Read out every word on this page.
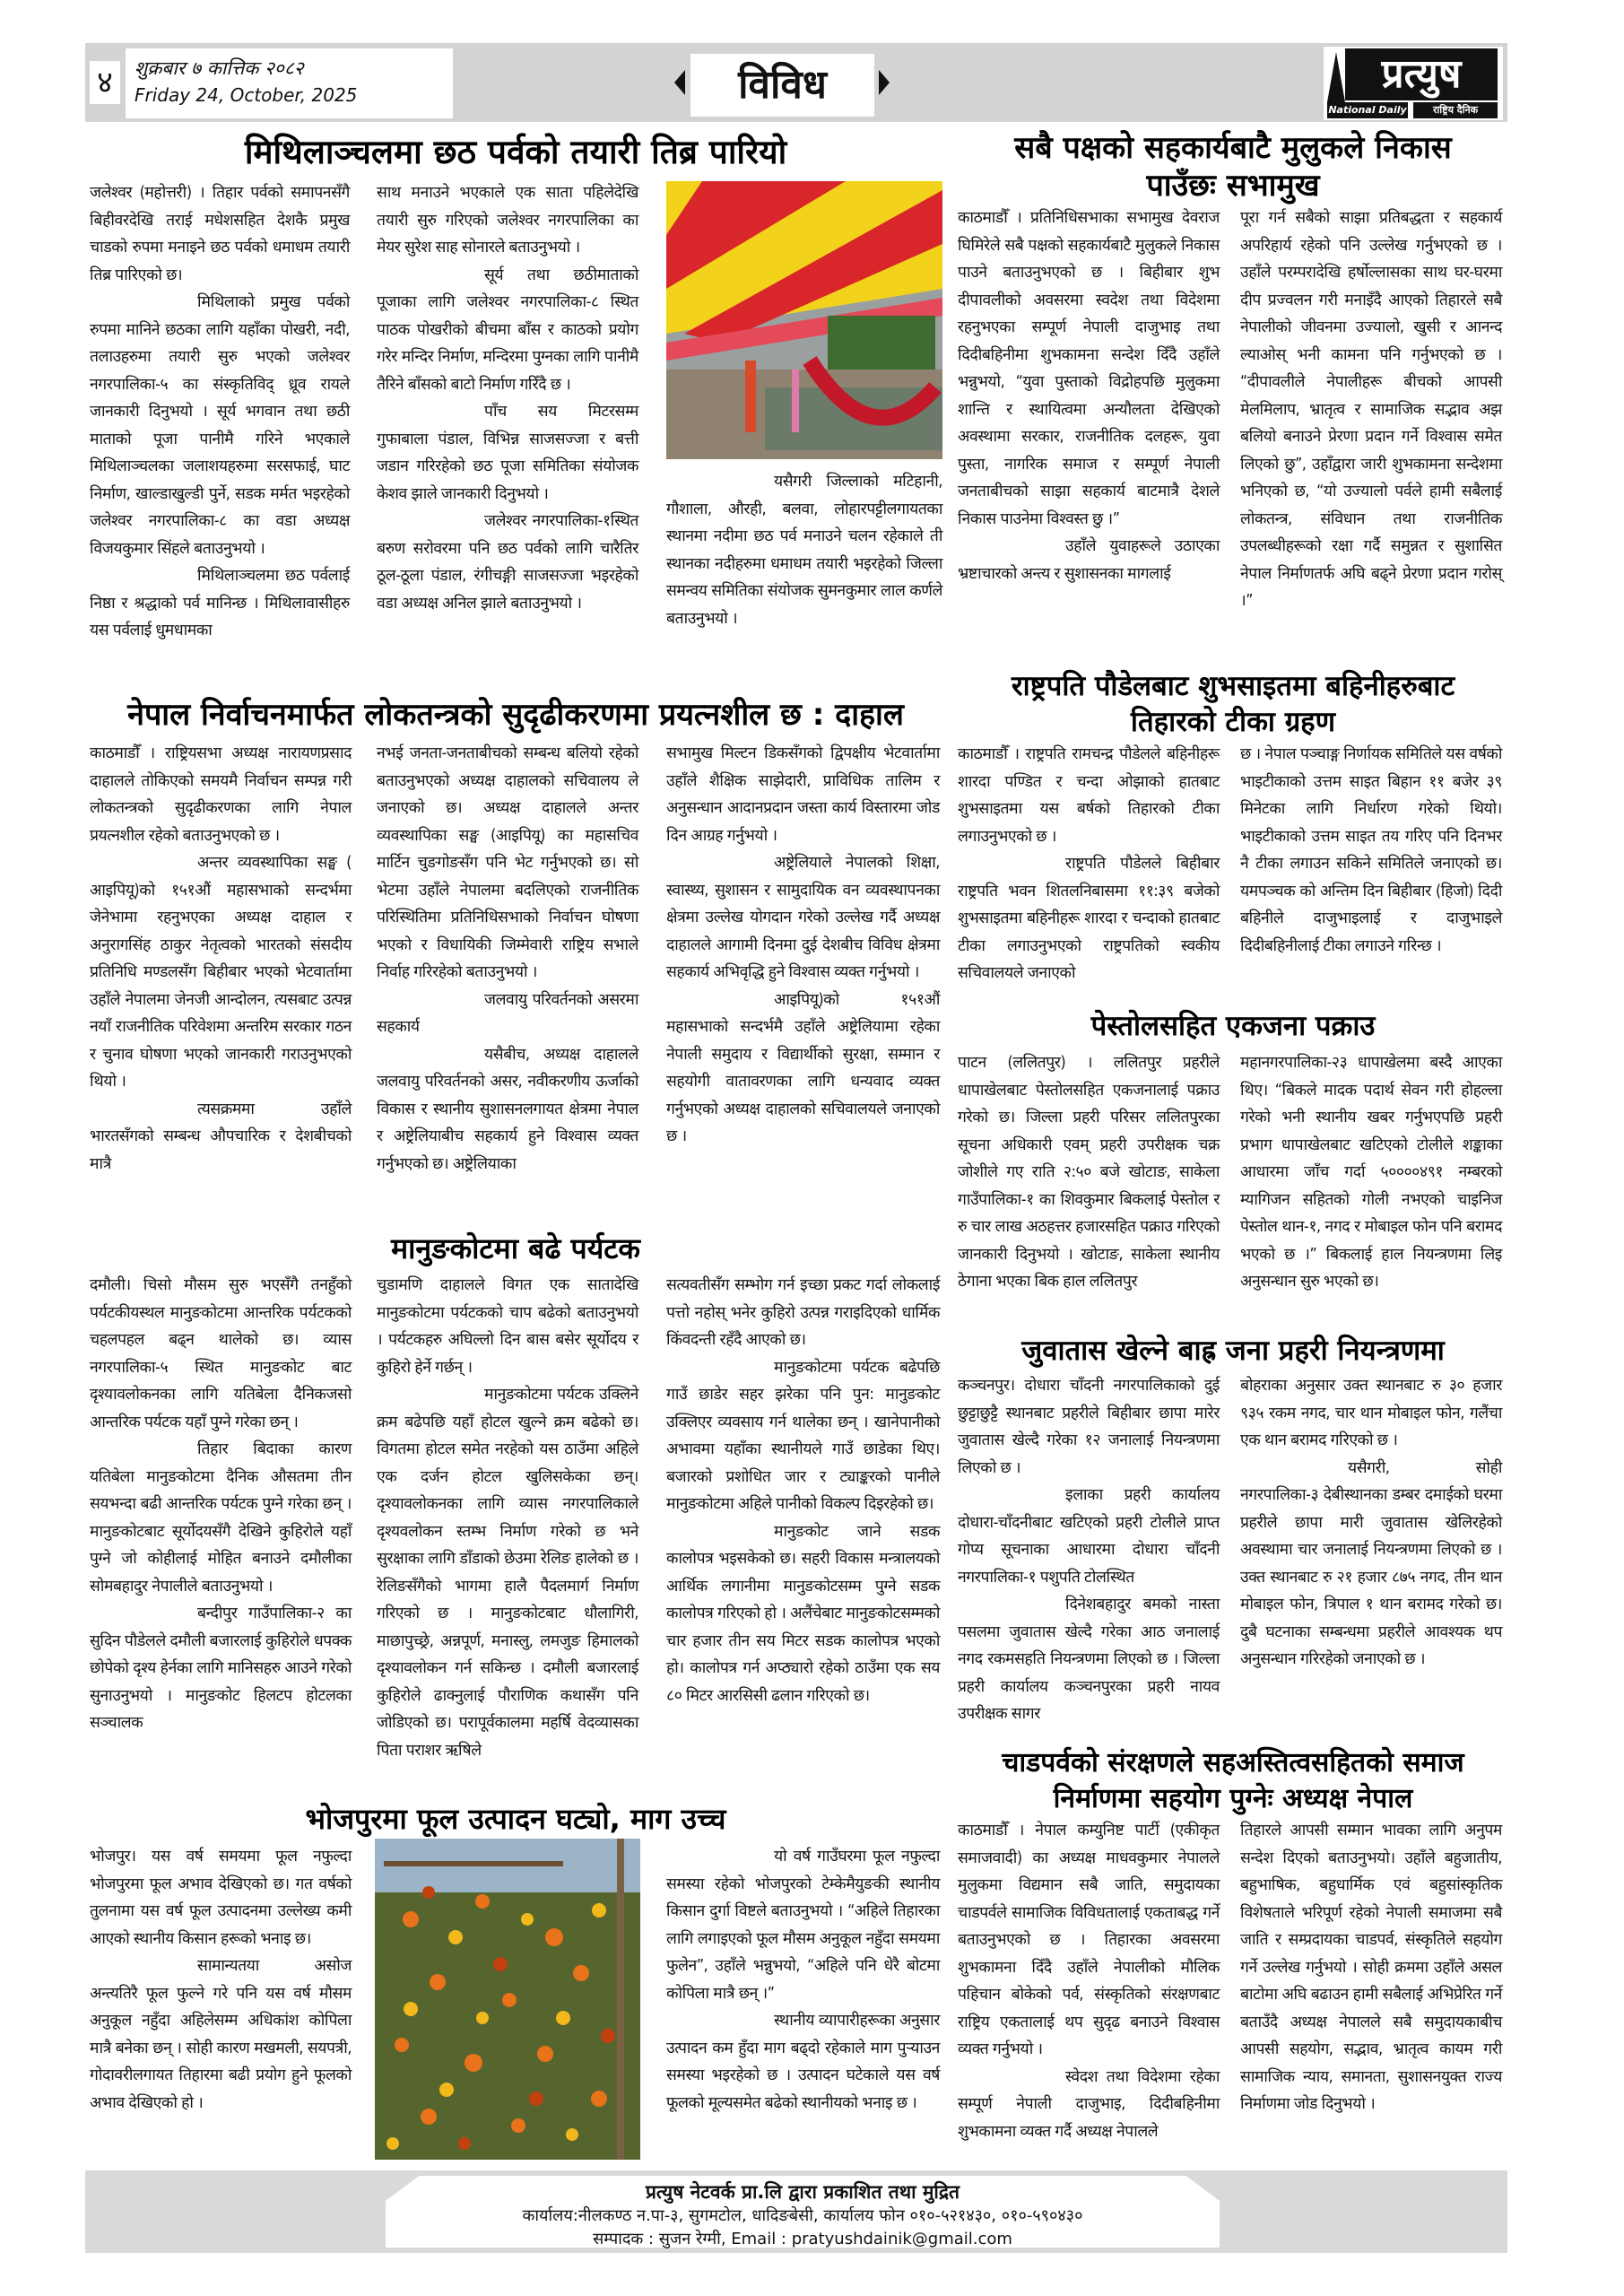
४	शुक्रबार ७ कात्तिक २०८२
Friday 24, October, 2025	विविध	प्रत्युष
National Daily	राष्ट्रिय दैनिक
मिथिलाञ्चलमा छठ पर्वको तयारी तिब्र पारियो

जलेश्वर (महोत्तरी) । तिहार पर्वको समापनसँगै बिहीवरदेखि तराई मधेशसहित देशकै प्रमुख चाडको रुपमा मनाइने छठ पर्वको धमाधम तयारी तिब्र पारिएको छ।

मिथिलाको प्रमुख पर्वको रुपमा मानिने छठका लागि यहाँका पोखरी, नदी, तलाउहरुमा तयारी सुरु भएको जलेश्वर नगरपालिका-५ का संस्कृतिविद् ध्रूव रायले जानकारी दिनुभयो । सूर्य भगवान तथा छठी माताको पूजा पानीमै गरिने भएकाले मिथिलाञ्चलका जलाशयहरुमा सरसफाई, घाट निर्माण, खाल्डाखुल्डी पुर्ने, सडक मर्मत भइरहेको जलेश्वर नगरपालिका-८ का वडा अध्यक्ष विजयकुमार सिंहले बताउनुभयो ।

मिथिलाञ्चलमा छठ पर्वलाई निष्ठा र श्रद्धाको पर्व मानिन्छ । मिथिलावासीहरु यस पर्वलाई धुमधामका

साथ मनाउने भएकाले एक साता पहिलेदेखि तयारी सुरु गरिएको जलेश्वर नगरपालिका का मेयर सुरेश साह सोनारले बताउनुभयो ।

सूर्य तथा छठीमाताको पूजाका लागि जलेश्वर नगरपालिका-८ स्थित पाठक पोखरीको बीचमा बाँस र काठको प्रयोग गरेर मन्दिर निर्माण, मन्दिरमा पुग्नका लागि पानीमै तैरिने बाँसको बाटो निर्माण गरिँदै छ ।

पाँच सय मिटरसम्म गुफाबाला पंडाल, विभिन्न साजसज्जा र बत्ती जडान गरिरहेको छठ पूजा समितिका संयोजक केशव झाले जानकारी दिनुभयो ।

जलेश्वर नगरपालिका-१स्थित बरुण सरोवरमा पनि छठ पर्वको लागि चारैतिर ठूल-ठूला पंडाल, रंगीचङ्गी साजसज्जा भइरहेको वडा अध्यक्ष अनिल झाले बताउनुभयो ।

यसैगरी जिल्लाको मटिहानी, गौशाला, औरही, बलवा, लोहारपट्टीलगायतका स्थानमा नदीमा छठ पर्व मनाउने चलन रहेकाले ती स्थानका नदीहरुमा धमाधम तयारी भइरहेको जिल्ला समन्वय समितिका संयोजक सुमनकुमार लाल कर्णले बताउनुभयो ।

सबै पक्षको सहकार्यबाटै मुलुकले निकास
पाउँछः सभामुख

काठमाडौँ । प्रतिनिधिसभाका सभामुख देवराज घिमिरेले सबै पक्षको सहकार्यबाटै मुलुकले निकास पाउने बताउनुभएको छ । बिहीबार शुभ दीपावलीको अवसरमा स्वदेश तथा विदेशमा रहनुभएका सम्पूर्ण नेपाली दाजुभाइ तथा दिदीबहिनीमा शुभकामना सन्देश दिँदै उहाँले भन्नुभयो, “युवा पुस्ताको विद्रोहपछि मुलुकमा शान्ति र स्थायित्वमा अन्यौलता देखिएको अवस्थामा सरकार, राजनीतिक दलहरू, युवा पुस्ता, नागरिक समाज र सम्पूर्ण नेपाली जनताबीचको साझा सहकार्य बाटमात्रै देशले निकास पाउनेमा विश्वस्त छु ।”

उहाँले युवाहरूले उठाएका भ्रष्टाचारको अन्त्य र सुशासनका मागलाई

पूरा गर्न सबैको साझा प्रतिबद्धता र सहकार्य अपरिहार्य रहेको पनि उल्लेख गर्नुभएको छ । उहाँले परम्परादेखि हर्षोल्लासका साथ घर-घरमा दीप प्रज्वलन गरी मनाइँदै आएको तिहारले सबै नेपालीको जीवनमा उज्यालो, खुसी र आनन्द ल्याओस् भनी कामना पनि गर्नुभएको छ । “दीपावलीले नेपालीहरू बीचको आपसी मेलमिलाप, भ्रातृत्व र सामाजिक सद्भाव अझ बलियो बनाउने प्रेरणा प्रदान गर्ने विश्वास समेत लिएको छु”, उहाँद्वारा जारी शुभकामना सन्देशमा भनिएको छ, “यो उज्यालो पर्वले हामी सबैलाई लोकतन्त्र, संविधान तथा राजनीतिक उपलब्धीहरूको रक्षा गर्दै समुन्नत र सुशासित नेपाल निर्माणतर्फ अघि बढ्ने प्रेरणा प्रदान गरोस् ।”

नेपाल निर्वाचनमार्फत लोकतन्त्रको सुदृढीकरणमा प्रयत्नशील छ : दाहाल

काठमाडौँ । राष्ट्रियसभा अध्यक्ष नारायणप्रसाद दाहालले तोकिएको समयमै निर्वाचन सम्पन्न गरी लोकतन्त्रको सुदृढीकरणका लागि नेपाल प्रयत्नशील रहेको बताउनुभएको छ ।

अन्तर व्यवस्थापिका सङ्घ ( आइपियू)को १५१औं महासभाको सन्दर्भमा जेनेभामा रहनुभएका अध्यक्ष दाहाल र अनुरागसिंह ठाकुर नेतृत्वको भारतको संसदीय प्रतिनिधि मण्डलसँग बिहीबार भएको भेटवार्तामा उहाँले नेपालमा जेनजी आन्दोलन, त्यसबाट उत्पन्न नयाँ राजनीतिक परिवेशमा अन्तरिम सरकार गठन र चुनाव घोषणा भएको जानकारी गराउनुभएको थियो ।

त्यसक्रममा उहाँले भारतसँगको सम्बन्ध औपचारिक र देशबीचको मात्रै

नभई जनता-जनताबीचको सम्बन्ध बलियो रहेको बताउनुभएको अध्यक्ष दाहालको सचिवालय ले जनाएको छ। अध्यक्ष दाहालले अन्तर व्यवस्थापिका सङ्घ (आइपियू) का महासचिव मार्टिन चुङगोङसँग पनि भेट गर्नुभएको छ। सो भेटमा उहाँले नेपालमा बदलिएको राजनीतिक परिस्थितिमा प्रतिनिधिसभाको निर्वाचन घोषणा भएको र विधायिकी जिम्मेवारी राष्ट्रिय सभाले निर्वाह गरिरहेको बताउनुभयो ।

जलवायु परिवर्तनको असरमा सहकार्य

यसैबीच, अध्यक्ष दाहालले जलवायु परिवर्तनको असर, नवीकरणीय ऊर्जाको विकास र स्थानीय सुशासनलगायत क्षेत्रमा नेपाल र अष्ट्रेलियाबीच सहकार्य हुने विश्वास व्यक्त गर्नुभएको छ। अष्ट्रेलियाका

सभामुख मिल्टन डिकसँगको द्विपक्षीय भेटवार्तामा उहाँले शैक्षिक साझेदारी, प्राविधिक तालिम र अनुसन्धान आदानप्रदान जस्ता कार्य विस्तारमा जोड दिन आग्रह गर्नुभयो ।

अष्ट्रेलियाले नेपालको शिक्षा, स्वास्थ्य, सुशासन र सामुदायिक वन व्यवस्थापनका क्षेत्रमा उल्लेख योगदान गरेको उल्लेख गर्दै अध्यक्ष दाहालले आगामी दिनमा दुई देशबीच विविध क्षेत्रमा सहकार्य अभिवृद्धि हुने विश्वास व्यक्त गर्नुभयो ।

आइपियू)को १५१औं महासभाको सन्दर्भमै उहाँले अष्ट्रेलियामा रहेका नेपाली समुदाय र विद्यार्थीको सुरक्षा, सम्मान र सहयोगी वातावरणका लागि धन्यवाद व्यक्त गर्नुभएको अध्यक्ष दाहालको सचिवालयले जनाएको छ ।

राष्ट्रपति पौडेलबाट शुभसाइतमा बहिनीहरुबाट
तिहारको टीका ग्रहण

काठमाडौँ । राष्ट्रपति रामचन्द्र पौडेलले बहिनीहरू शारदा पण्डित र चन्दा ओझाको हातबाट शुभसाइतमा यस बर्षको तिहारको टीका लगाउनुभएको छ ।

राष्ट्रपति पौडेलले बिहीबार राष्ट्रपति भवन शितलनिबासमा ११:३९ बजेको शुभसाइतमा बहिनीहरू शारदा र चन्दाको हातबाट टीका लगाउनुभएको राष्ट्रपतिको स्वकीय सचिवालयले जनाएको

छ । नेपाल पञ्चाङ्ग निर्णायक समितिले यस वर्षको भाइटीकाको उत्तम साइत बिहान ११ बजेर ३९ मिनेटका लागि निर्धारण गरेको थियो। भाइटीकाको उत्तम साइत तय गरिए पनि दिनभर नै टीका लगाउन सकिने समितिले जनाएको छ। यमपञ्चक को अन्तिम दिन बिहीबार (हिजो) दिदी बहिनीले दाजुभाइलाई र दाजुभाइले दिदीबहिनीलाई टीका लगाउने गरिन्छ ।

पेस्तोलसहित एकजना पक्राउ

पाटन (ललितपुर) । ललितपुर प्रहरीले धापाखेलबाट पेस्तोलसहित एकजनालाई पक्राउ गरेको छ। जिल्ला प्रहरी परिसर ललितपुरका सूचना अधिकारी एवम् प्रहरी उपरीक्षक चक्र जोशीले गए राति २:५० बजे खोटाङ, साकेला गाउँपालिका-१ का शिवकुमार बिकलाई पेस्तोल र रु चार लाख अठहत्तर हजारसहित पक्राउ गरिएको जानकारी दिनुभयो । खोटाङ, साकेला स्थानीय ठेगाना भएका बिक हाल ललितपुर

महानगरपालिका-२३ धापाखेलमा बस्दै आएका थिए। “बिकले मादक पदार्थ सेवन गरी होहल्ला गरेको भनी स्थानीय खबर गर्नुभएपछि प्रहरी प्रभाग धापाखेलबाट खटिएको टोलीले शङ्काका आधारमा जाँच गर्दा ५००००४९१ नम्बरको म्यागिजन सहितको गोली नभएको चाइनिज पेस्तोल थान-१, नगद र मोबाइल फोन पनि बरामद भएको छ ।” बिकलाई हाल नियन्त्रणमा लिइ अनुसन्धान सुरु भएको छ।

जुवातास खेल्ने बाह्र जना प्रहरी नियन्त्रणमा

कञ्चनपुर। दोधारा चाँदनी नगरपालिकाको दुई छुट्टाछुट्टै स्थानबाट प्रहरीले बिहीबार छापा मारेर जुवातास खेल्दै गरेका १२ जनालाई नियन्त्रणमा लिएको छ ।

इलाका प्रहरी कार्यालय दोधारा-चाँदनीबाट खटिएको प्रहरी टोलीले प्राप्त गोप्य सूचनाका आधारमा दोधारा चाँदनी नगरपालिका-१ पशुपति टोलस्थित

दिनेशबहादुर बमको नास्ता पसलमा जुवातास खेल्दै गरेका आठ जनालाई नगद रकमसहति नियन्त्रणमा लिएको छ । जिल्ला प्रहरी कार्यालय कञ्चनपुरका प्रहरी नायव उपरीक्षक सागर

बोहराका अनुसार उक्त स्थानबाट रु ३० हजार ९३५ रकम नगद, चार थान मोबाइल फोन, गलैंचा एक थान बरामद गरिएको छ ।

यसैगरी, सोही नगरपालिका-३ देबीस्थानका डम्बर दमाईको घरमा प्रहरीले छापा मारी जुवातास खेलिरहेको अवस्थामा चार जनालाई नियन्त्रणमा लिएको छ । उक्त स्थानबाट रु २१ हजार ८७५ नगद, तीन थान मोबाइल फोन, त्रिपाल १ थान बरामद गरेको छ। दुबै घटनाका सम्बन्धमा प्रहरीले आवश्यक थप अनुसन्धान गरिरहेको जनाएको छ ।

चाडपर्वको संरक्षणले सहअस्तित्वसहितको समाज
निर्माणमा सहयोग पुग्नेः अध्यक्ष नेपाल

काठमाडौँ । नेपाल कम्युनिष्ट पार्टी (एकीकृत समाजवादी) का अध्यक्ष माधवकुमार नेपालले मुलुकमा विद्यमान सबै जाति, समुदायका चाडपर्वले सामाजिक विविधतालाई एकताबद्ध गर्ने बताउनुभएको छ । तिहारका अवसरमा शुभकामना दिँदै उहाँले नेपालीको मौलिक पहिचान बोकेको पर्व, संस्कृतिको संरक्षणबाट राष्ट्रिय एकतालाई थप सुदृढ बनाउने विश्वास व्यक्त गर्नुभयो ।

स्वेदश तथा विदेशमा रहेका सम्पूर्ण नेपाली दाजुभाइ, दिदीबहिनीमा शुभकामना व्यक्त गर्दै अध्यक्ष नेपालले

तिहारले आपसी सम्मान भावका लागि अनुपम सन्देश दिएको बताउनुभयो। उहाँले बहुजातीय, बहुभाषिक, बहुधार्मिक एवं बहुसांस्कृतिक विशेषताले भरिपूर्ण रहेको नेपाली समाजमा सबै जाति र सम्प्रदायका चाडपर्व, संस्कृतिले सहयोग गर्ने उल्लेख गर्नुभयो । सोही क्रममा उहाँले असल बाटोमा अघि बढाउन हामी सबैलाई अभिप्रेरित गर्ने बताउँदै अध्यक्ष नेपालले सबै समुदायकाबीच आपसी सहयोग, सद्भाव, भ्रातृत्व कायम गरी सामाजिक न्याय, समानता, सुशासनयुक्त राज्य निर्माणमा जोड दिनुभयो ।

मानुङकोटमा बढे पर्यटक

दमौली। चिसो मौसम सुरु भएसँगै तनहुँको पर्यटकीयस्थल मानुङकोटमा आन्तरिक पर्यटकको चहलपहल बढ्न थालेको छ। व्यास नगरपालिका-५ स्थित मानुङकोट बाट दृश्यावलोकनका लागि यतिबेला दैनिकजसो आन्तरिक पर्यटक यहाँ पुग्ने गरेका छन् ।

तिहार बिदाका कारण यतिबेला मानुङकोटमा दैनिक औसतमा तीन सयभन्दा बढी आन्तरिक पर्यटक पुग्ने गरेका छन् । मानुङकोटबाट सूर्योदयसँगै देखिने कुहिरोले यहाँ पुग्ने जो कोहीलाई मोहित बनाउने दमौलीका सोमबहादुर नेपालीले बताउनुभयो ।

बन्दीपुर गाउँपालिका-२ का सुदिन पौडेलले दमौली बजारलाई कुहिरोले धपक्क छोपेको दृश्य हेर्नका लागि मानिसहरु आउने गरेको सुनाउनुभयो । मानुङकोट हिलटप होटलका सञ्चालक

चुडामणि दाहालले विगत एक सातादेखि मानुङकोटमा पर्यटकको चाप बढेको बताउनुभयो । पर्यटकहरु अघिल्लो दिन बास बसेर सूर्योदय र कुहिरो हेर्ने गर्छन् ।

मानुङकोटमा पर्यटक उक्लिने क्रम बढेपछि यहाँ होटल खुल्ने क्रम बढेको छ। विगतमा होटल समेत नरहेको यस ठाउँमा अहिले एक दर्जन होटल खुलिसकेका छन्। दृश्यावलोकनका लागि व्यास नगरपालिकाले दृश्यवलोकन स्तम्भ निर्माण गरेको छ भने सुरक्षाका लागि डाँडाको छेउमा रेलिङ हालेको छ । रेलिङसँगैको भागमा हालै पैदलमार्ग निर्माण गरिएको छ । मानुङकोटबाट धौलागिरी, माछापुच्छ्रे, अन्नपूर्ण, मनास्लु, लमजुङ हिमालको दृश्यावलोकन गर्न सकिन्छ । दमौली बजारलाई कुहिरोले ढाक्नुलाई पौराणिक कथासँग पनि जोडिएको छ। परापूर्वकालमा महर्षि वेदव्यासका पिता पराशर ऋषिले

सत्यवतीसँग सम्भोग गर्न इच्छा प्रकट गर्दा लोकलाई पत्तो नहोस् भनेर कुहिरो उत्पन्न गराइदिएको धार्मिक किंवदन्ती रहँदै आएको छ।

मानुङकोटमा पर्यटक बढेपछि गाउँ छाडेर सहर झरेका पनि पुन: मानुङकोट उक्लिएर व्यवसाय गर्न थालेका छन् । खानेपानीको अभावमा यहाँका स्थानीयले गाउँ छाडेका थिए। बजारको प्रशोधित जार र ट्याङ्करको पानीले मानुङकोटमा अहिले पानीको विकल्प दिइरहेको छ।

मानुङकोट जाने सडक कालोपत्र भइसकेको छ। सहरी विकास मन्त्रालयको आर्थिक लगानीमा मानुङकोटसम्म पुग्ने सडक कालोपत्र गरिएको हो । अलैंचेबाट मानुङकोटसम्मको चार हजार तीन सय मिटर सडक कालोपत्र भएको हो। कालोपत्र गर्न अप्ठ्यारो रहेको ठाउँमा एक सय ८० मिटर आरसिसी ढलान गरिएको छ।

भोजपुरमा फूल उत्पादन घट्यो, माग उच्च

भोजपुर। यस वर्ष समयमा फूल नफुल्दा भोजपुरमा फूल अभाव देखिएको छ। गत वर्षको तुलनामा यस वर्ष फूल उत्पादनमा उल्लेख्य कमी आएको स्थानीय किसान हरूको भनाइ छ।

सामान्यतया असोज अन्त्यतिरै फूल फुल्ने गरे पनि यस वर्ष मौसम अनुकूल नहुँदा अहिलेसम्म अधिकांश कोपिला मात्रै बनेका छन् । सोही कारण मखमली, सयपत्री, गोदावरीलगायत तिहारमा बढी प्रयोग हुने फूलको अभाव देखिएको हो ।

यो वर्ष गाउँघरमा फूल नफुल्दा समस्या रहेको भोजपुरको टेम्केमैयुङकी स्थानीय किसान दुर्गा विष्टले बताउनुभयो । “अहिले तिहारका लागि लगाइएको फूल मौसम अनुकूल नहुँदा समयमा फुलेन”, उहाँले भन्नुभयो, “अहिले पनि धेरै बोटमा कोपिला मात्रै छन् ।”

स्थानीय व्यापारीहरूका अनुसार उत्पादन कम हुँदा माग बढ्दो रहेकाले माग पुर्‍याउन समस्या भइरहेको छ । उत्पादन घटेकाले यस वर्ष फूलको मूल्यसमेत बढेको स्थानीयको भनाइ छ ।

प्रत्युष नेटवर्क प्रा.लि द्वारा प्रकाशित तथा मुद्रित
कार्यालय:नीलकण्ठ न.पा-३, सुगमटोल, धादिङबेसी, कार्यालय फोन ०१०-५२१४३०, ०१०-५९०४३०
सम्पादक : सुजन रेग्मी, Email : pratyushdainik@gmail.com
